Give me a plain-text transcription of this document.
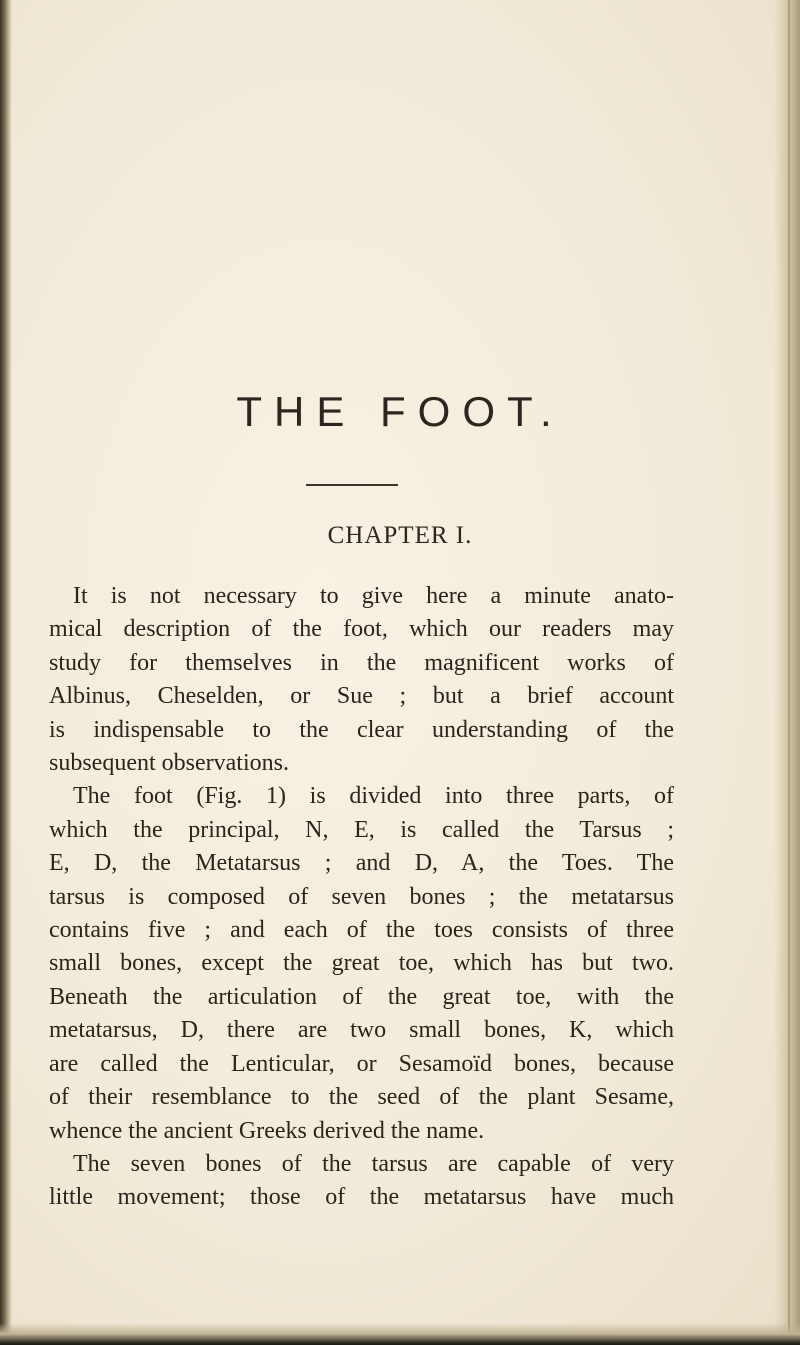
THE FOOT.
CHAPTER I.
It is not necessary to give here a minute anato-
mical description of the foot, which our readers may
study for themselves in the magnificent works of
Albinus, Cheselden, or Sue ; but a brief account
is indispensable to the clear understanding of the
subsequent observations.
The foot (Fig. 1) is divided into three parts, of
which the principal, N, E, is called the Tarsus ;
E, D, the Metatarsus ; and D, A, the Toes. The
tarsus is composed of seven bones ; the metatarsus
contains five ; and each of the toes consists of three
small bones, except the great toe, which has but two.
Beneath the articulation of the great toe, with the
metatarsus, D, there are two small bones, K, which
are called the Lenticular, or Sesamoïd bones, because
of their resemblance to the seed of the plant Sesame,
whence the ancient Greeks derived the name.
The seven bones of the tarsus are capable of very
little movement; those of the metatarsus have much
